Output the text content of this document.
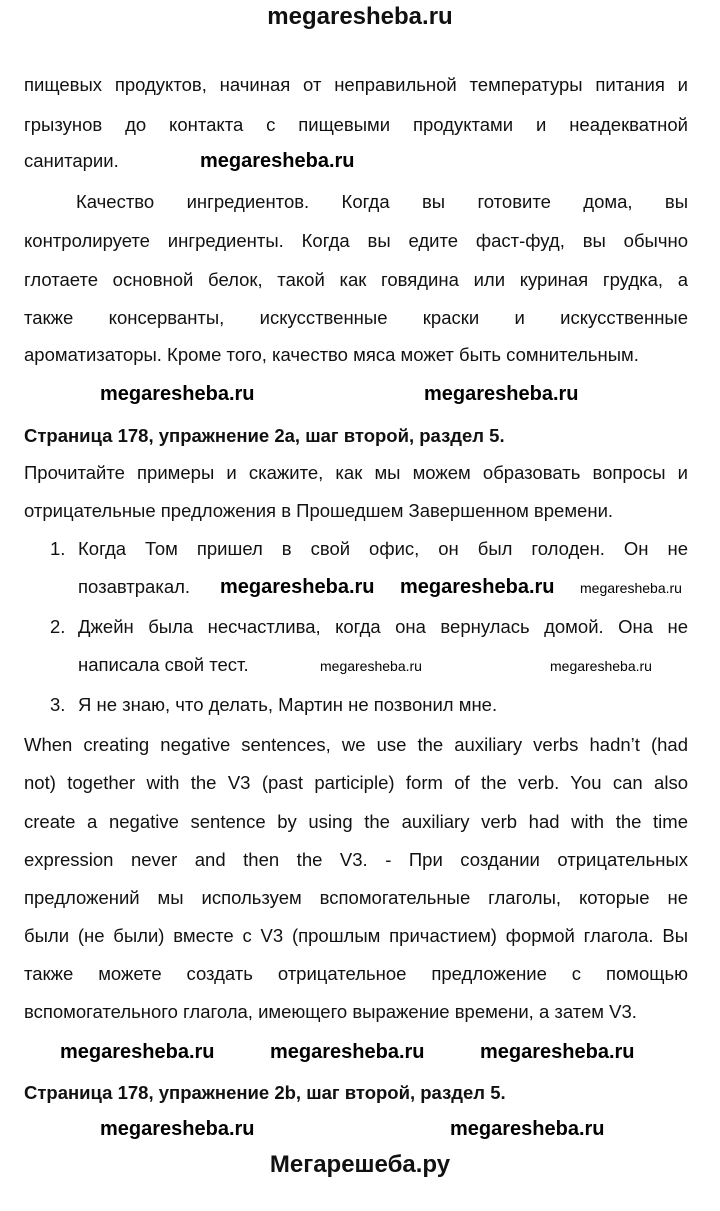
megaresheba.ru
пищевых продуктов, начиная от неправильной температуры питания и
грызунов до контакта с пищевыми продуктами и неадекватной
санитарии.
Качество ингредиентов. Когда вы готовите дома, вы
контролируете ингредиенты. Когда вы едите фаст-фуд, вы обычно
глотаете основной белок, такой как говядина или куриная грудка, а
также консерванты, искусственные краски и искусственные
ароматизаторы. Кроме того, качество мяса может быть сомнительным.
Страница 178, упражнение 2a, шаг второй, раздел 5.
Прочитайте примеры и скажите, как мы можем образовать вопросы и
отрицательные предложения в Прошедшем Завершенном времени.
1. Когда Том пришел в свой офис, он был голоден. Он не
позавтракал.
2. Джейн была несчастлива, когда она вернулась домой. Она не
написала свой тест.
3. Я не знаю, что делать, Мартин не позвонил мне.
When creating negative sentences, we use the auxiliary verbs hadn’t (had
not) together with the V3 (past participle) form of the verb. You can also
create a negative sentence by using the auxiliary verb had with the time
expression never and then the V3. - При создании отрицательных
предложений мы используем вспомогательные глаголы, которые не
были (не были) вместе с V3 (прошлым причастием) формой глагола. Вы
также можете создать отрицательное предложение с помощью
вспомогательного глагола, имеющего выражение времени, а затем V3.
Страница 178, упражнение 2b, шаг второй, раздел 5.
megaresheba.ru
megaresheba.ru	megaresheba.ru
megaresheba.ru megaresheba.ru megaresheba.ru
megaresheba.ru	megaresheba.ru
megaresheba.ru	megaresheba.ru	megaresheba.ru
megaresheba.ru	megaresheba.ru
Мегарешеба.ру
